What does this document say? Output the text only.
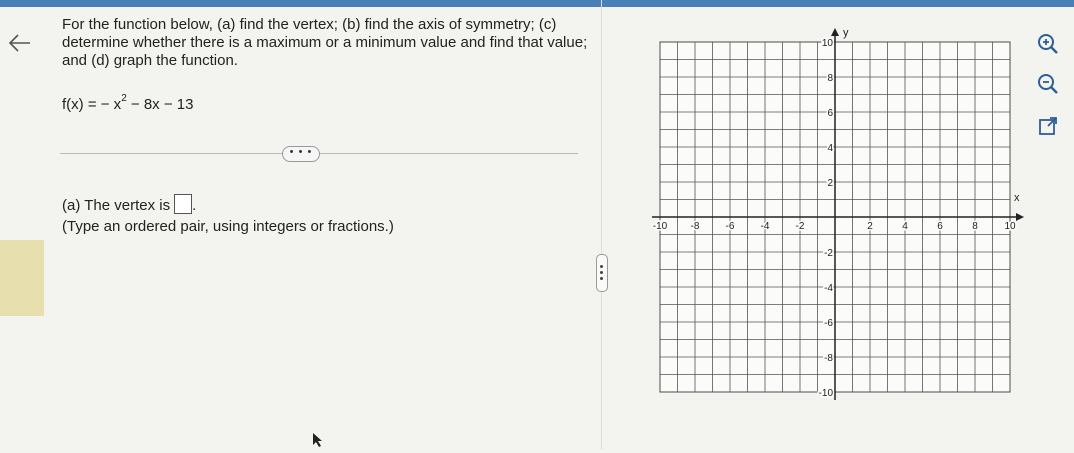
For the function below, (a) find the vertex; (b) find the axis of symmetry; (c) determine whether there is a maximum or a minimum value and find that value; and (d) graph the function.
f(x) = − $x^2 - 8x - 13$
• • •
(a) The vertex is .
(Type an ordered pair, using integers or fractions.)
x
y
-10 -8	-6	-4	-2	2	4	6	8	10
10
8
6
4
2
-2
-4
-6
-8
-10
